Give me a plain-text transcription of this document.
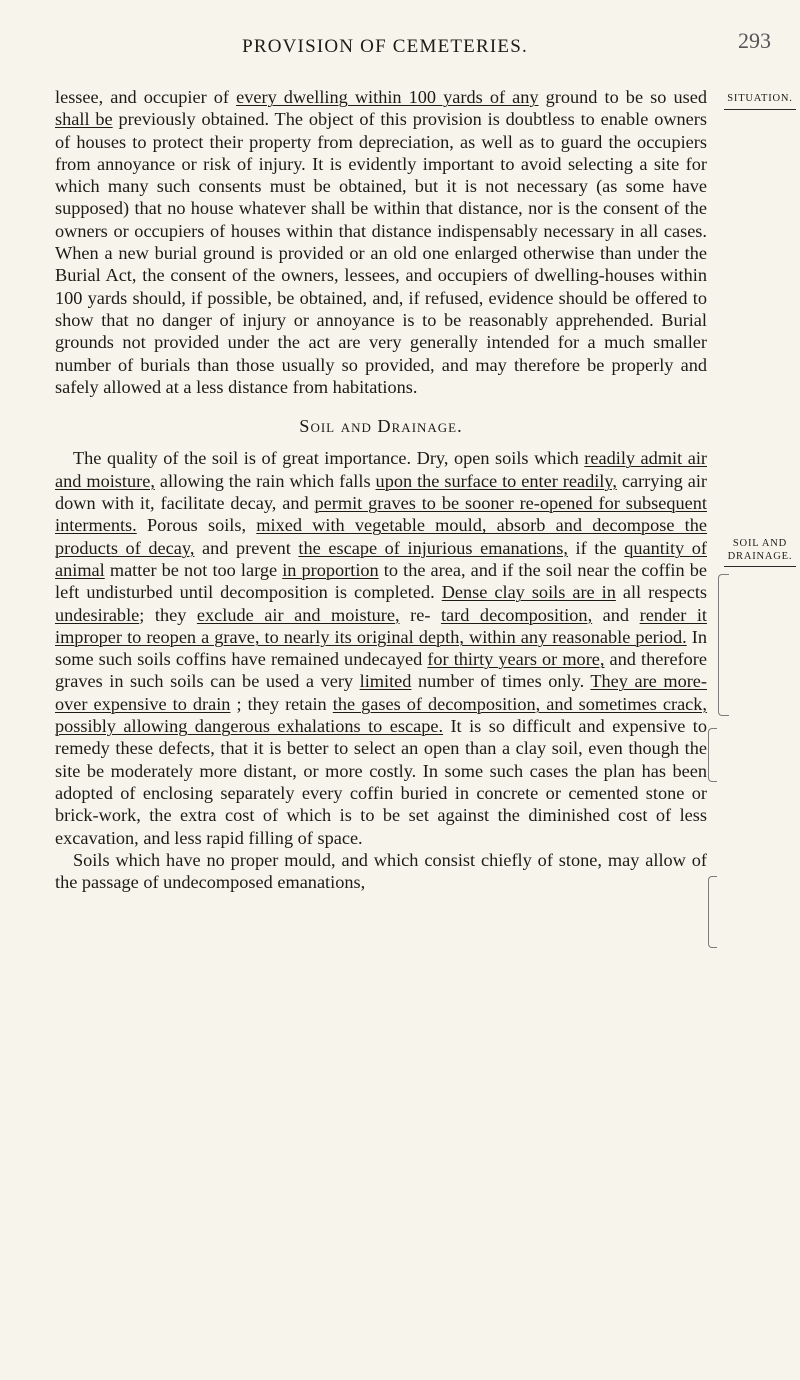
PROVISION OF CEMETERIES.	293
SITUATION.
SOIL AND
DRAINAGE.

lessee, and occupier of every dwelling within 100 yards of any ground to be so used shall be previously obtained. The object of this provision is doubtless to enable owners of houses to protect their property from depreciation, as well as to guard the occupiers from annoyance or risk of injury. It is evidently important to avoid selecting a site for which many such consents must be obtained, but it is not necessary (as some have supposed) that no house whatever shall be within that distance, nor is the consent of the owners or occupiers of houses within that distance indispensably necessary in all cases. When a new burial ground is provided or an old one enlarged otherwise than under the Burial Act, the consent of the owners, lessees, and occupiers of dwelling-houses within 100 yards should, if possible, be obtained, and, if refused, evidence should be offered to show that no danger of injury or annoyance is to be reasonably apprehended. Burial grounds not provided under the act are very generally intended for a much smaller number of burials than those usually so provided, and may therefore be properly and safely allowed at a less distance from habitations.

Soil and Drainage.

The quality of the soil is of great importance. Dry, open soils which readily admit air and moisture, allowing the rain which falls upon the surface to enter readily, carrying air down with it, facilitate decay, and permit graves to be sooner re-opened for subsequent interments. Porous soils, mixed with vegetable mould, absorb and decompose the products of decay, and prevent the escape of injurious emanations, if the quantity of animal matter be not too large in proportion to the area, and if the soil near the coffin be left undisturbed until decomposition is completed. Dense clay soils are in all respects undesirable; they exclude air and moisture, re- tard decomposition, and render it improper to reopen a grave, to nearly its original depth, within any reasonable period. In some such soils coffins have remained undecayed for thirty years or more, and therefore graves in such soils can be used a very limited number of times only. They are more-over expensive to drain ; they retain the gases of decomposition, and sometimes crack, possibly allowing dangerous exhalations to escape. It is so difficult and expensive to remedy these defects, that it is better to select an open than a clay soil, even though the site be moderately more distant, or more costly. In some such cases the plan has been adopted of enclosing separately every coffin buried in concrete or cemented stone or brick-work, the extra cost of which is to be set against the diminished cost of less excavation, and less rapid filling of space.

Soils which have no proper mould, and which consist chiefly of stone, may allow of the passage of undecomposed emanations,
